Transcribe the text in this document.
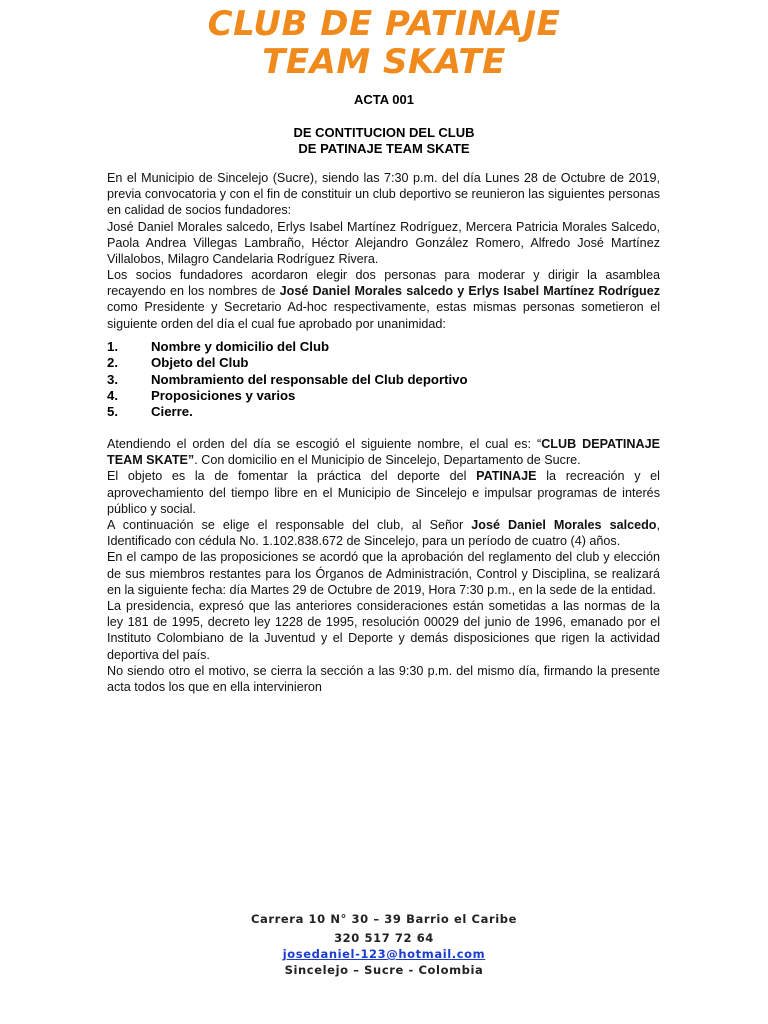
CLUB DE PATINAJE
TEAM SKATE
ACTA 001
DE CONTITUCION DEL CLUB
DE PATINAJE TEAM SKATE

En el Municipio de Sincelejo (Sucre), siendo las 7:30 p.m. del día Lunes 28 de Octubre de 2019,

previa convocatoria y con el fin de constituir un club deportivo se reunieron las siguientes personas

en calidad de socios fundadores:

José Daniel Morales salcedo, Erlys Isabel Martínez Rodríguez, Mercera Patricia Morales Salcedo,

Paola Andrea Villegas Lambraño, Héctor Alejandro González Romero, Alfredo José Martínez

Villalobos, Milagro Candelaria Rodríguez Rivera.

Los socios fundadores acordaron elegir dos personas para moderar y dirigir la asamblea

recayendo en los nombres de José Daniel Morales salcedo y Erlys Isabel Martínez Rodríguez

como Presidente y Secretario Ad-hoc respectivamente, estas mismas personas sometieron el

siguiente orden del día el cual fue aprobado por unanimidad:

1.	Nombre y domicilio del Club
2.	Objeto del Club
3.	Nombramiento del responsable del Club deportivo
4.	Proposiciones y varios
5.	Cierre.

Atendiendo el orden del día se escogió el siguiente nombre, el cual es: “CLUB DEPATINAJE

TEAM SKATE”. Con domicilio en el Municipio de Sincelejo, Departamento de Sucre.

El objeto es la de fomentar la práctica del deporte del PATINAJE la recreación y el

aprovechamiento del tiempo libre en el Municipio de Sincelejo e impulsar programas de interés

público y social.

A continuación se elige el responsable del club, al Señor José Daniel Morales salcedo,

Identificado con cédula No. 1.102.838.672 de Sincelejo, para un período de cuatro (4) años.

En el campo de las proposiciones se acordó que la aprobación del reglamento del club y elección

de sus miembros restantes para los Órganos de Administración, Control y Disciplina, se realizará

en la siguiente fecha: día Martes 29 de Octubre de 2019, Hora 7:30 p.m., en la sede de la entidad.

La presidencia, expresó que las anteriores consideraciones están sometidas a las normas de la

ley 181 de 1995, decreto ley 1228 de 1995, resolución 00029 del junio de 1996, emanado por el

Instituto Colombiano de la Juventud y el Deporte y demás disposiciones que rigen la actividad

deportiva del país.

No siendo otro el motivo, se cierra la sección a las 9:30 p.m. del mismo día, firmando la presente

acta todos los que en ella intervinieron

Carrera 10 N° 30 – 39 Barrio el Caribe
320 517 72 64
josedaniel-123@hotmail.com
Sincelejo – Sucre - Colombia
